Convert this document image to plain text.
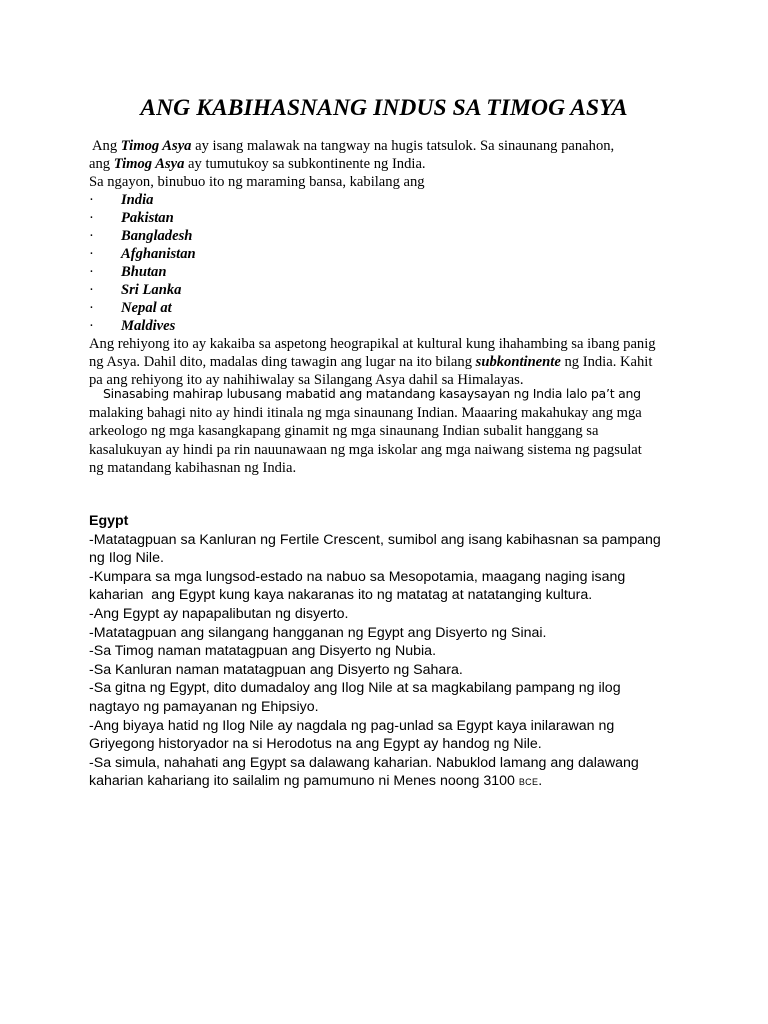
ANG KABIHASNANG INDUS SA TIMOG ASYA

Ang Timog Asya ay isang malawak na tangway na hugis tatsulok. Sa sinaunang panahon,

ang Timog Asya ay tumutukoy sa subkontinente ng India.

Sa ngayon, binubuo ito ng maraming bansa, kabilang ang

· India
· Pakistan
· Bangladesh
· Afghanistan
· Bhutan
· Sri Lanka
· Nepal at
· Maldives

Ang rehiyong ito ay kakaiba sa aspetong heograpikal at kultural kung ihahambing sa ibang panig

ng Asya. Dahil dito, madalas ding tawagin ang lugar na ito bilang subkontinente ng India. Kahit

pa ang rehiyong ito ay nahihiwalay sa Silangang Asya dahil sa Himalayas.

Sinasabing mahirap lubusang mabatid ang matandang kasaysayan ng India lalo pa’t ang

malaking bahagi nito ay hindi itinala ng mga sinaunang Indian. Maaaring makahukay ang mga

arkeologo ng mga kasangkapang ginamit ng mga sinaunang Indian subalit hanggang sa

kasalukuyan ay hindi pa rin nauunawaan ng mga iskolar ang mga naiwang sistema ng pagsulat

ng matandang kabihasnan ng India.

Egypt

-Matatagpuan sa Kanluran ng Fertile Crescent, sumibol ang isang kabihasnan sa pampang

ng Ilog Nile.

-Kumpara sa mga lungsod-estado na nabuo sa Mesopotamia, maagang naging isang

kaharian  ang Egypt kung kaya nakaranas ito ng matatag at natatanging kultura.

-Ang Egypt ay napapalibutan ng disyerto.

-Matatagpuan ang silangang hangganan ng Egypt ang Disyerto ng Sinai.

-Sa Timog naman matatagpuan ang Disyerto ng Nubia.

-Sa Kanluran naman matatagpuan ang Disyerto ng Sahara.

-Sa gitna ng Egypt, dito dumadaloy ang Ilog Nile at sa magkabilang pampang ng ilog

nagtayo ng pamayanan ng Ehipsiyo.

-Ang biyaya hatid ng Ilog Nile ay nagdala ng pag-unlad sa Egypt kaya inilarawan ng

Griyegong historyador na si Herodotus na ang Egypt ay handog ng Nile.

-Sa simula, nahahati ang Egypt sa dalawang kaharian. Nabuklod lamang ang dalawang

kaharian kahariang ito sailalim ng pamumuno ni Menes noong 3100 BCE.
